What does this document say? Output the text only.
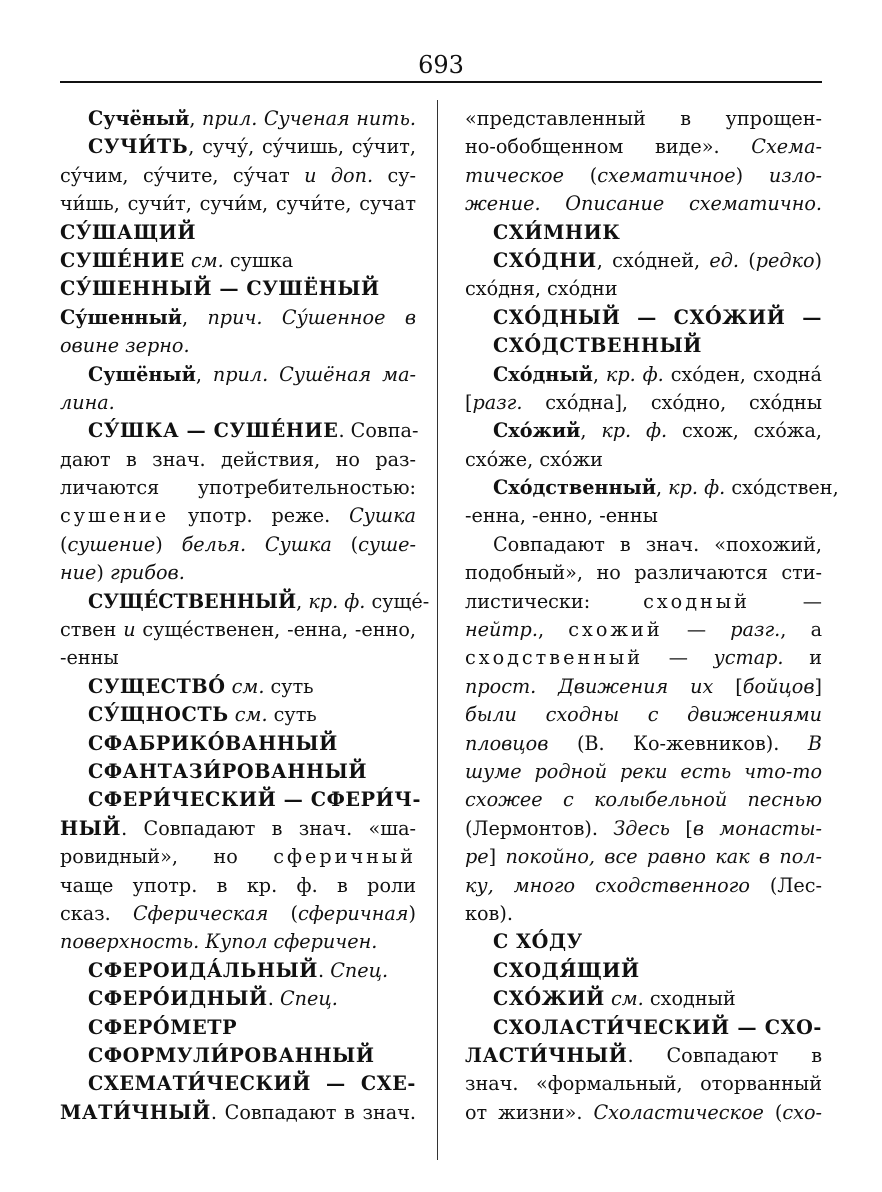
693
Сучёный, прил. Сученая нить.
СУЧИ́ТЬ, сучу́, су́чишь, су́чит,
су́чим, су́чите, су́чат и доп. су-
чи́шь, сучи́т, сучи́м, сучи́те, сучат
СУ́ШАЩИЙ
СУШЕ́НИЕ см. сушка
СУ́ШЕННЫЙ — СУШЁНЫЙ
Су́шенный, прич. Су́шенное в
овине зерно.
Сушёный, прил. Сушёная ма-
лина.
СУ́ШКА — СУШЕ́НИЕ. Совпа-
дают в знач. действия, но раз-
личаются употребительностью:
сушение употр. реже. Сушка
(сушение) белья. Сушка (суше-
ние) грибов.
СУЩЕ́СТВЕННЫЙ, кр. ф. суще́-
ствен и суще́ственен, -енна, -енно,
-енны
СУЩЕСТВО́ см. суть
СУ́ЩНОСТЬ см. суть
СФАБРИКО́ВАННЫЙ
СФАНТАЗИ́РОВАННЫЙ
СФЕРИ́ЧЕСКИЙ — СФЕРИ́Ч-
НЫЙ. Совпадают в знач. «ша-
ровидный», но сферичный
чаще употр. в кр. ф. в роли
сказ. Сферическая (сферичная)
поверхность. Купол сферичен.
СФЕРОИДА́ЛЬНЫЙ. Спец.
СФЕРО́ИДНЫЙ. Спец.
СФЕРО́МЕТР
СФОРМУЛИ́РОВАННЫЙ
СХЕМАТИ́ЧЕСКИЙ — СХЕ-
МАТИ́ЧНЫЙ. Совпадают в знач.
«представленный в упрощен-
но-обобщенном виде». Схема-
тическое (схематичное) изло-
жение. Описание схематично.
СХИ́МНИК
СХО́ДНИ, схо́дней, ед. (редко)
схо́дня, схо́дни
СХО́ДНЫЙ — СХО́ЖИЙ —
СХО́ДСТВЕННЫЙ
Схо́дный, кр. ф. схо́ден, сходна́
[разг. схо́дна], схо́дно, схо́дны
Схо́жий, кр. ф. схож, схо́жа,
схо́же, схо́жи
Схо́дственный, кр. ф. схо́дствен,
-енна, -енно, -енны
Совпадают в знач. «похожий,
подобный», но различаются сти-
листически: сходный —
нейтр., схожий — разг., а
сходственный — устар. и
прост. Движения их [бойцов]
были сходны с движениями
пловцов (В. Ко-жевников). В
шуме родной реки есть что-то
схожее с колыбельной песнью
(Лермонтов). Здесь [в монасты-
ре] покойно, все равно как в пол-
ку, много сходственного (Лес-
ков).
С ХО́ДУ
СХОДЯ́ЩИЙ
СХО́ЖИЙ см. сходный
СХОЛАСТИ́ЧЕСКИЙ — СХО-
ЛАСТИ́ЧНЫЙ. Совпадают в
знач. «формальный, оторванный
от жизни». Схоластическое (схо-
